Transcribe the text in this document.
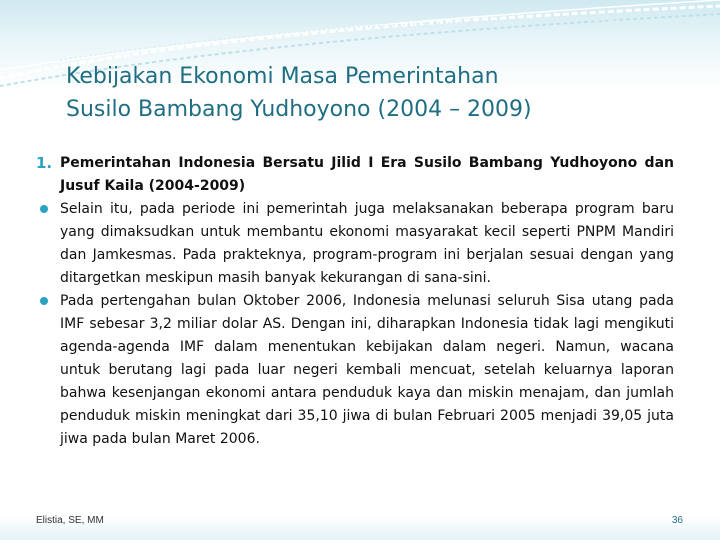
Kebijakan Ekonomi Masa Pemerintahan
Susilo Bambang Yudhoyono (2004 – 2009)
1. Pemerintahan Indonesia Bersatu Jilid I Era Susilo Bambang Yudhoyono dan Jusuf Kaila (2004-2009)
Selain itu, pada periode ini pemerintah juga melaksanakan beberapa program baru yang dimaksudkan untuk membantu ekonomi masyarakat kecil seperti PNPM Mandiri dan Jamkesmas. Pada prakteknya, program-program ini berjalan sesuai dengan yang ditargetkan meskipun masih banyak kekurangan di sana-sini.
Pada pertengahan bulan Oktober 2006, Indonesia melunasi seluruh Sisa utang pada IMF sebesar 3,2 miliar dolar AS. Dengan ini, diharapkan Indonesia tidak lagi mengikuti agenda-agenda IMF dalam menentukan kebijakan dalam negeri. Namun, wacana untuk berutang lagi pada luar negeri kembali mencuat, setelah keluarnya laporan bahwa kesenjangan ekonomi antara penduduk kaya dan miskin menajam, dan jumlah penduduk miskin meningkat dari 35,10 jiwa di bulan Februari 2005 menjadi 39,05 juta jiwa pada bulan Maret 2006.
Elistia, SE, MM	36
